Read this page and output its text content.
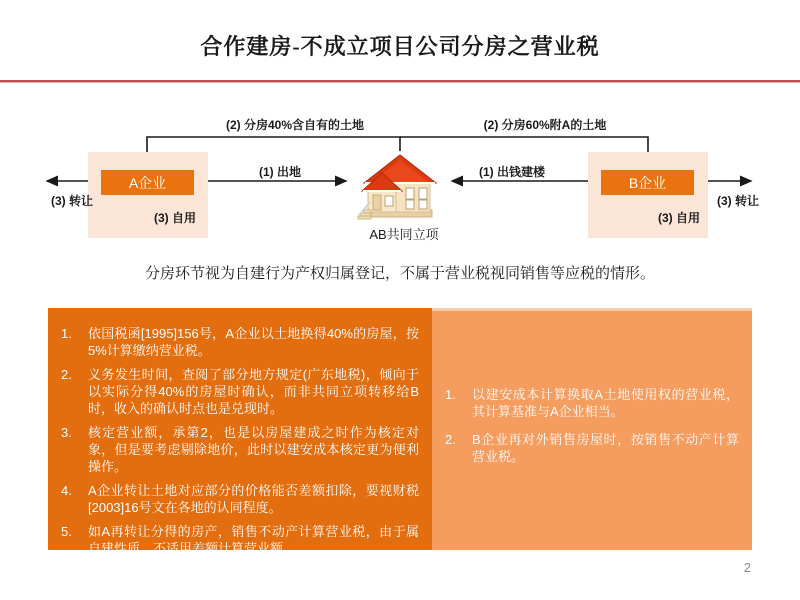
合作建房-不成立项目公司分房之营业税
A企业	B企业
(2) 分房40%含自有的土地	(2) 分房60%附A的土地
(1) 出地	(1) 出钱建楼
(3) 转让	(3) 转让
(3) 自用	(3) 自用
AB共同立项
分房环节视为自建行为产权归属登记，不属于营业税视同销售等应税的情形。
1.	依国税函[1995]156号，A企业以土地换得40%的房屋，按5%计算缴纳营业税。
2.	义务发生时间，查阅了部分地方规定(广东地税)，倾向于以实际分得40%的房屋时确认，而非共同立项转移给B时，收入的确认时点也是兑现时。
3.	核定营业额，承第2，也是以房屋建成之时作为核定对象，但是要考虑剔除地价，此时以建安成本核定更为便利操作。
4.	A企业转让土地对应部分的价格能否差额扣除，要视财税[2003]16号文在各地的认同程度。
5.	如A再转让分得的房产，销售不动产计算营业税，由于属自建性质，不适用差额计算营业额。
1.	以建安成本计算换取A土地使用权的营业税，其计算基准与A企业相当。
2.	B企业再对外销售房屋时，按销售不动产计算营业税。
2
